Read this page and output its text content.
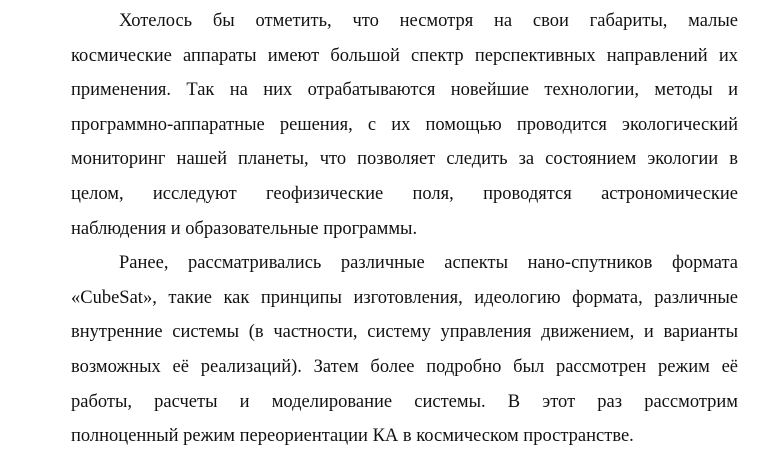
Хотелось бы отметить, что несмотря на свои габариты, малые
космические аппараты имеют большой спектр перспективных направлений их
применения. Так на них отрабатываются новейшие технологии, методы и
программно-аппаратные решения, с их помощью проводится экологический
мониторинг нашей планеты, что позволяет следить за состоянием экологии в
целом, исследуют геофизические поля, проводятся астрономические
наблюдения и образовательные программы.
Ранее, рассматривались различные аспекты нано-спутников формата
«CubeSat», такие как принципы изготовления, идеологию формата, различные
внутренние системы (в частности, систему управления движением, и варианты
возможных её реализаций). Затем более подробно был рассмотрен режим её
работы, расчеты и моделирование системы. В этот раз рассмотрим
полноценный режим переориентации КА в космическом пространстве.
